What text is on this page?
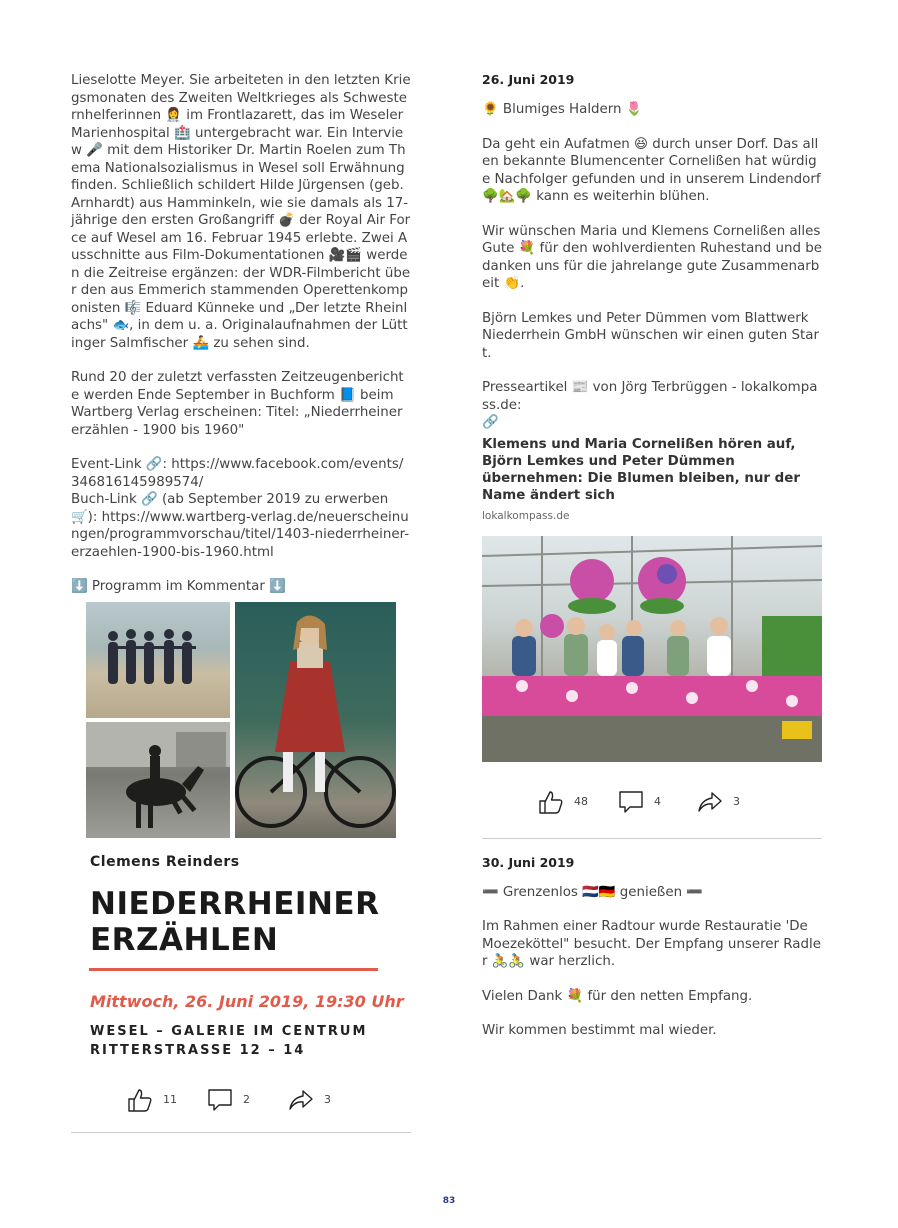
Lieselotte Meyer. Sie arbeiteten in den letzten Kriegsmonaten des Zweiten Weltkrieges als Schwesternhelferinnen 👩‍⚕️ im Frontlazarett, das im Weseler Marienhospital 🏥 untergebracht war. Ein Interview 🎤 mit dem Historiker Dr. Martin Roelen zum Thema Nationalsozialismus in Wesel soll Erwähnung finden. Schließlich schildert Hilde Jürgensen (geb. Arnhardt) aus Hamminkeln, wie sie damals als 17-jährige den ersten Großangriff 💣 der Royal Air Force auf Wesel am 16. Februar 1945 erlebte. Zwei Ausschnitte aus Film-Dokumentationen 🎥🎬 werden die Zeitreise ergänzen: der WDR-Filmbericht über den aus Emmerich stammenden Operettenkomponisten 🎼 Eduard Künneke und „Der letzte Rheinlachs" 🐟, in dem u. a. Originalaufnahmen der Lüttinger Salmfischer 🚣 zu sehen sind.

Rund 20 der zuletzt verfassten Zeitzeugenberichte werden Ende September in Buchform 📘 beim Wartberg Verlag erscheinen: Titel: „Niederrheiner erzählen - 1900 bis 1960"

Event-Link 🔗: https://www.facebook.com/events/346816145989574/
Buch-Link 🔗 (ab September 2019 zu erwerben 🛒): https://www.wartberg-verlag.de/neuerscheinungen/programmvorschau/titel/1403-niederrheiner-erzaehlen-1900-bis-1960.html

⬇️ Programm im Kommentar ⬇️

Clemens Reinders
NIEDERRHEINER
ERZÄHLEN
Mittwoch, 26. Juni 2019, 19:30 Uhr
WESEL – GALERIE IM CENTRUM
RITTERSTRASSE 12 – 14
11	2	3
26. Juni 2019

🌻 Blumiges Haldern 🌷

Da geht ein Aufatmen 😆 durch unser Dorf. Das allen bekannte Blumencenter Cornelißen hat würdige Nachfolger gefunden und in unserem Lindendorf 🌳🏡🌳 kann es weiterhin blühen.

Wir wünschen Maria und Klemens Cornelißen alles Gute 💐 für den wohlverdienten Ruhestand und bedanken uns für die jahrelange gute Zusammenarbeit 👏.

Björn Lemkes und Peter Dümmen vom Blattwerk Niederrhein GmbH wünschen wir einen guten Start.

Presseartikel 📰 von Jörg Terbrüggen - lokalkompass.de:
🔗

Klemens und Maria Cornelißen hören auf, Björn Lemkes und Peter Dümmen übernehmen: Die Blumen bleiben, nur der Name ändert sich

lokalkompass.de
48	4	3
30. Juni 2019

➖ Grenzenlos 🇳🇱🇩🇪 genießen ➖

Im Rahmen einer Radtour wurde Restauratie 'De Moezeköttel" besucht. Der Empfang unserer Radler 🚴🚴 war herzlich.

Vielen Dank 💐 für den netten Empfang.

Wir kommen bestimmt mal wieder.

83
